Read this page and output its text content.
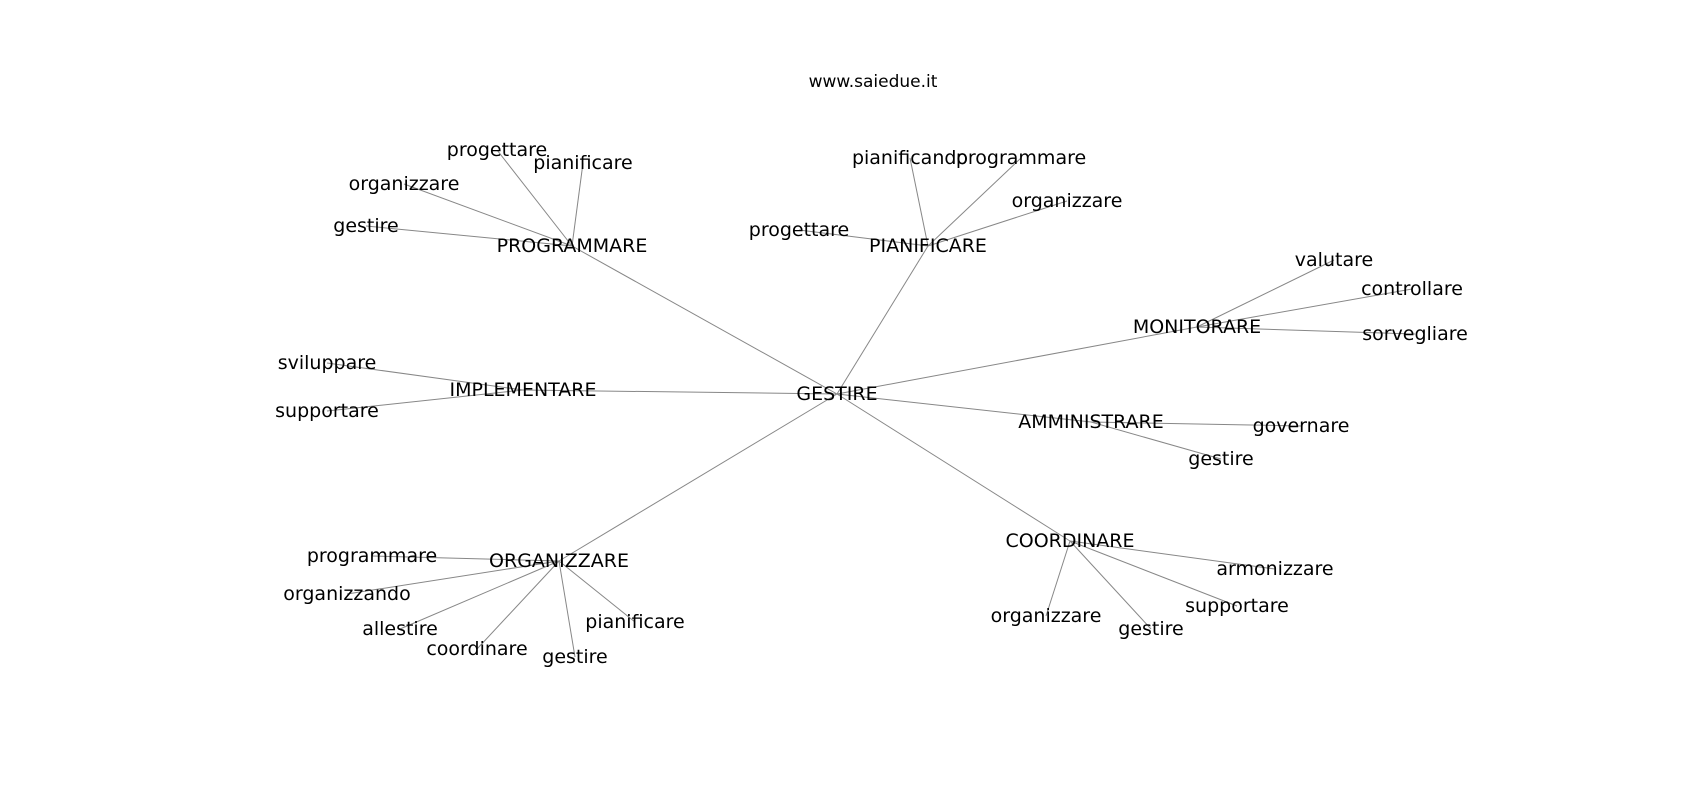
www.saiedue.it
progettare
pianificare
organizzare
gestire
PROGRAMMARE
pianificando
programmare
organizzare
progettare
PIANIFICARE
valutare
controllare
sorvegliare
MONITORARE
governare
gestire
AMMINISTRARE
armonizzare
supportare
organizzare
gestire
COORDINARE
programmare
organizzando
allestire
coordinare gestire
pianificare
ORGANIZZARE
sviluppare
supportare
IMPLEMENTARE	GESTIRE
